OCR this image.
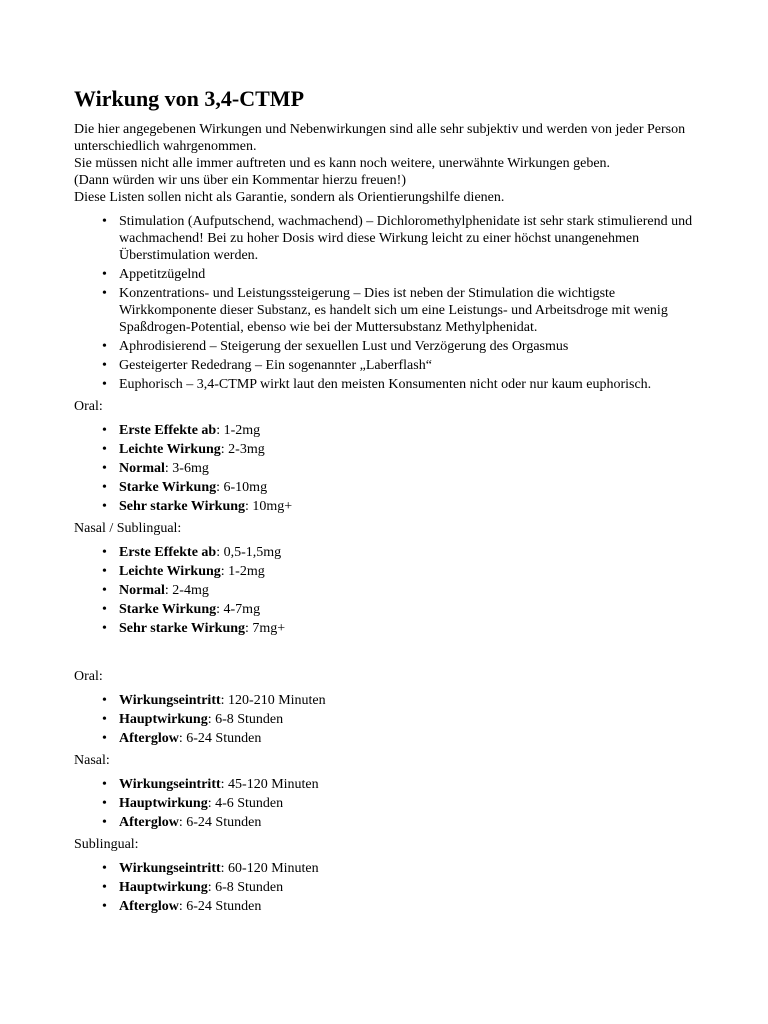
Wirkung von 3,4-CTMP

Die hier angegebenen Wirkungen und Nebenwirkungen sind alle sehr subjektiv und werden von jeder Person unterschiedlich wahrgenommen.

Sie müssen nicht alle immer auftreten und es kann noch weitere, unerwähnte Wirkungen geben.

(Dann würden wir uns über ein Kommentar hierzu freuen!)

Diese Listen sollen nicht als Garantie, sondern als Orientierungshilfe dienen.

• Stimulation (Aufputschend, wachmachend) – Dichloromethylphenidate ist sehr stark stimulierend und wachmachend! Bei zu hoher Dosis wird diese Wirkung leicht zu einer höchst unangenehmen Überstimulation werden.
• Appetitzügelnd
• Konzentrations- und Leistungssteigerung – Dies ist neben der Stimulation die wichtigste Wirkkomponente dieser Substanz, es handelt sich um eine Leistungs- und Arbeitsdroge mit wenig Spaßdrogen-Potential, ebenso wie bei der Muttersubstanz Methylphenidat.
• Aphrodisierend – Steigerung der sexuellen Lust und Verzögerung des Orgasmus
• Gesteigerter Rededrang – Ein sogenannter „Laberflash“
• Euphorisch – 3,4-CTMP wirkt laut den meisten Konsumenten nicht oder nur kaum euphorisch.

Oral:

• Erste Effekte ab: 1-2mg
• Leichte Wirkung: 2-3mg
• Normal: 3-6mg
• Starke Wirkung: 6-10mg
• Sehr starke Wirkung: 10mg+

Nasal / Sublingual:

• Erste Effekte ab: 0,5-1,5mg
• Leichte Wirkung: 1-2mg
• Normal: 2-4mg
• Starke Wirkung: 4-7mg
• Sehr starke Wirkung: 7mg+

Oral:

• Wirkungseintritt: 120-210 Minuten
• Hauptwirkung: 6-8 Stunden
• Afterglow: 6-24 Stunden

Nasal:

• Wirkungseintritt: 45-120 Minuten
• Hauptwirkung: 4-6 Stunden
• Afterglow: 6-24 Stunden

Sublingual:

• Wirkungseintritt: 60-120 Minuten
• Hauptwirkung: 6-8 Stunden
• Afterglow: 6-24 Stunden
